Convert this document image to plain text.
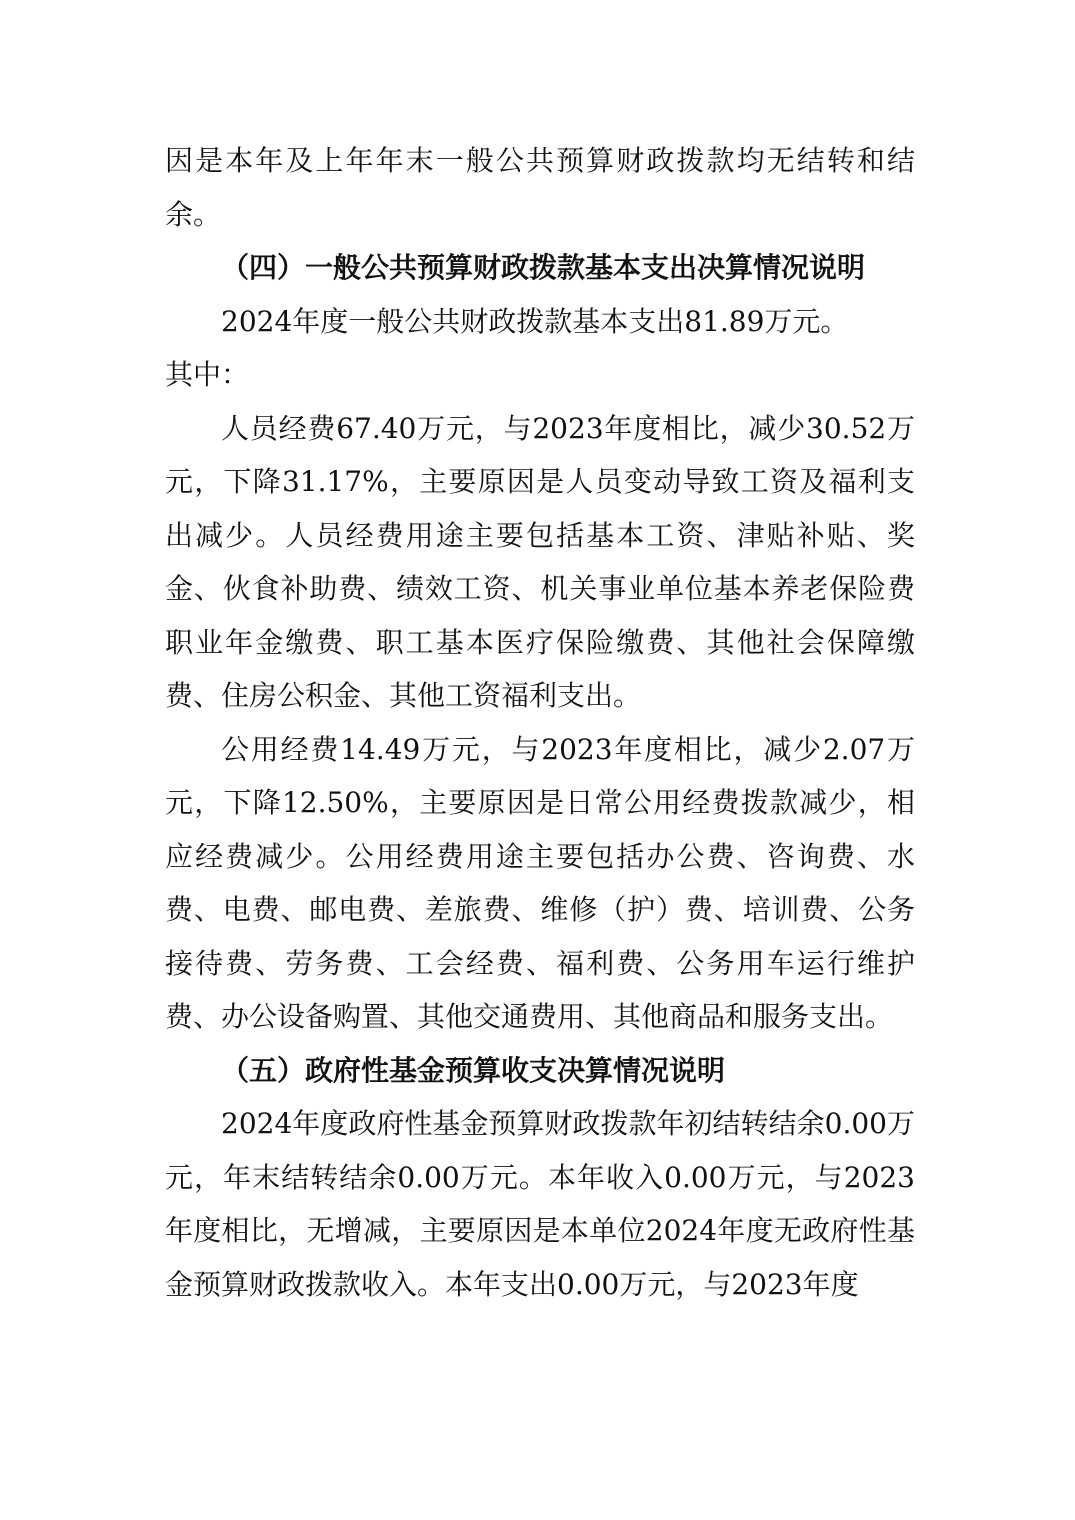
因是本年及上年年末一般公共预算财政拨款均无结转和结余。

（四）一般公共预算财政拨款基本支出决算情况说明

2024年度一般公共财政拨款基本支出81.89万元。

其中：

人员经费67.40万元，与2023年度相比，减少30.52万元，下降31.17%，主要原因是人员变动导致工资及福利支出减少。人员经费用途主要包括基本工资、津贴补贴、奖金、伙食补助费、绩效工资、机关事业单位基本养老保险费　职业年金缴费、职工基本医疗保险缴费、其他社会保障缴费、住房公积金、其他工资福利支出。

公用经费14.49万元，与2023年度相比，减少2.07万元，下降12.50%，主要原因是日常公用经费拨款减少，相应经费减少。公用经费用途主要包括办公费、咨询费、水费、电费、邮电费、差旅费、维修（护）费、培训费、公务接待费、劳务费、工会经费、福利费、公务用车运行维护费、办公设备购置、其他交通费用、其他商品和服务支出。

（五）政府性基金预算收支决算情况说明

2024年度政府性基金预算财政拨款年初结转结余0.00万元，年末结转结余0.00万元。本年收入0.00万元，与2023年度相比，无增减，主要原因是本单位2024年度无政府性基金预算财政拨款收入。本年支出0.00万元，与2023年度
